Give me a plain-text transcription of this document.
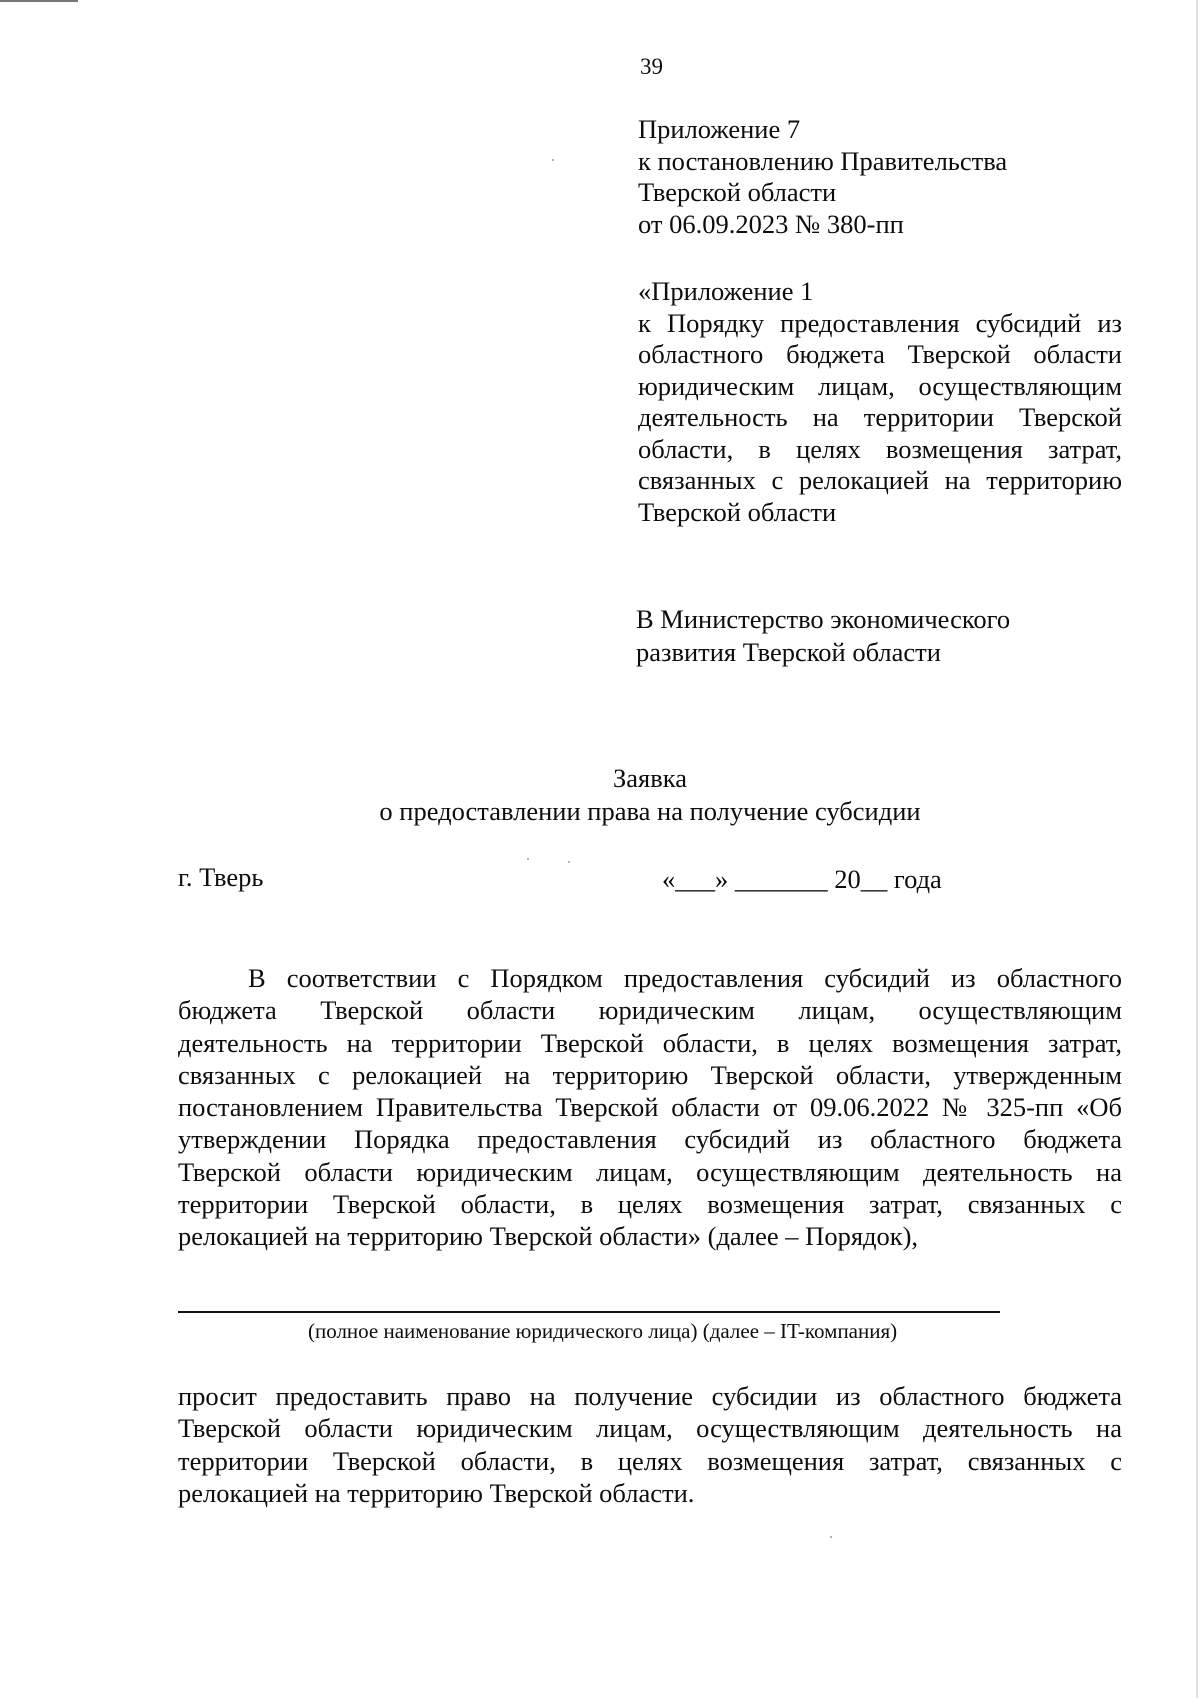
39
Приложение 7
к постановлению Правительства
Тверской области
от 06.09.2023 № 380-пп
«Приложение 1
к Порядку предоставления субсидий из
областного бюджета Тверской области
юридическим лицам, осуществляющим
деятельность на территории Тверской
области, в целях возмещения затрат,
связанных с релокацией на территорию
Тверской области
В Министерство экономического
развития Тверской области
Заявка
о предоставлении права на получение субсидии
г. Тверь	«___» _______ 20__ года
В соответствии с Порядком предоставления субсидий из областного
бюджета Тверской области юридическим лицам, осуществляющим
деятельность на территории Тверской области, в целях возмещения затрат,
связанных с релокацией на территорию Тверской области, утвержденным
постановлением Правительства Тверской области от 09.06.2022 № 325-пп «Об
утверждении Порядка предоставления субсидий из областного бюджета
Тверской области юридическим лицам, осуществляющим деятельность на
территории Тверской области, в целях возмещения затрат, связанных с
релокацией на территорию Тверской области» (далее – Порядок),
(полное наименование юридического лица) (далее – IT-компания)
просит предоставить право на получение субсидии из областного бюджета
Тверской области юридическим лицам, осуществляющим деятельность на
территории Тверской области, в целях возмещения затрат, связанных с
релокацией на территорию Тверской области.
